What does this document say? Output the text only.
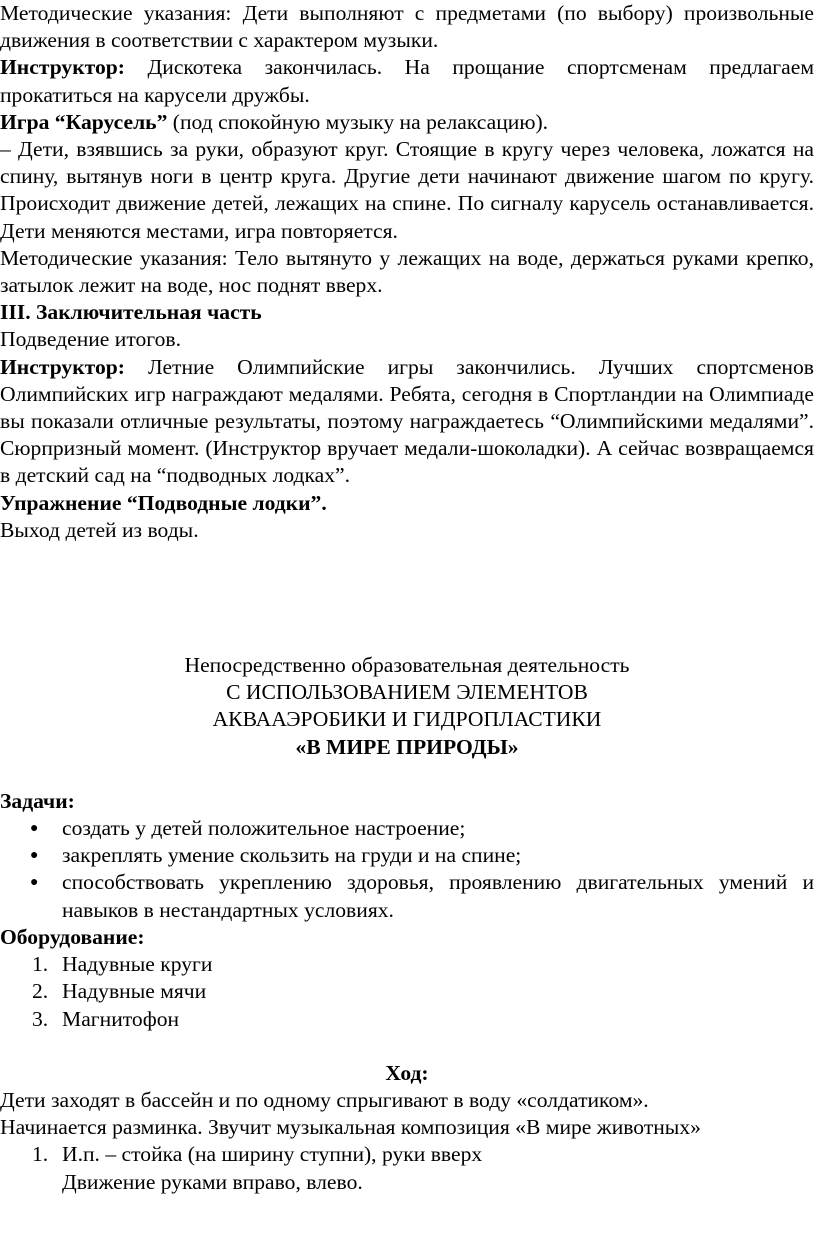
Методические указания: Дети выполняют с предметами (по выбору) произвольные движения в соответствии с характером музыки.

Инструктор: Дискотека закончилась. На прощание спортсменам предлагаем прокатиться на карусели дружбы.

Игра “Карусель” (под спокойную музыку на релаксацию).

– Дети, взявшись за руки, образуют круг. Стоящие в кругу через человека, ложатся на спину, вытянув ноги в центр круга. Другие дети начинают движение шагом по кругу. Происходит движение детей, лежащих на спине. По сигналу карусель останавливается. Дети меняются местами, игра повторяется.

Методические указания: Тело вытянуто у лежащих на воде, держаться руками крепко, затылок лежит на воде, нос поднят вверх.

III. Заключительная часть

Подведение итогов.

Инструктор: Летние Олимпийские игры закончились. Лучших спортсменов Олимпийских игр награждают медалями. Ребята, сегодня в Спортландии на Олимпиаде вы показали отличные результаты, поэтому награждаетесь “Олимпийскими медалями”. Сюрпризный момент. (Инструктор вручает медали-шоколадки). А сейчас возвращаемся в детский сад на “подводных лодках”.

Упражнение “Подводные лодки”.

Выход детей из воды.

Непосредственно образовательная деятельность

С ИСПОЛЬЗОВАНИЕМ ЭЛЕМЕНТОВ

АКВААЭРОБИКИ И ГИДРОПЛАСТИКИ

«В МИРЕ ПРИРОДЫ»

Задачи:

● создать у детей положительное настроение;
● закреплять умение скользить на груди и на спине;
● способствовать укреплению здоровья, проявлению двигательных умений и навыков в нестандартных условиях.

Оборудование:

1. Надувные круги
2. Надувные мячи
3. Магнитофон

Ход:

Дети заходят в бассейн и по одному спрыгивают в воду «солдатиком».

Начинается разминка. Звучит музыкальная композиция «В мире животных»

1. И.п. – стойка (на ширину ступни), руки вверх
Движение руками вправо, влево.
